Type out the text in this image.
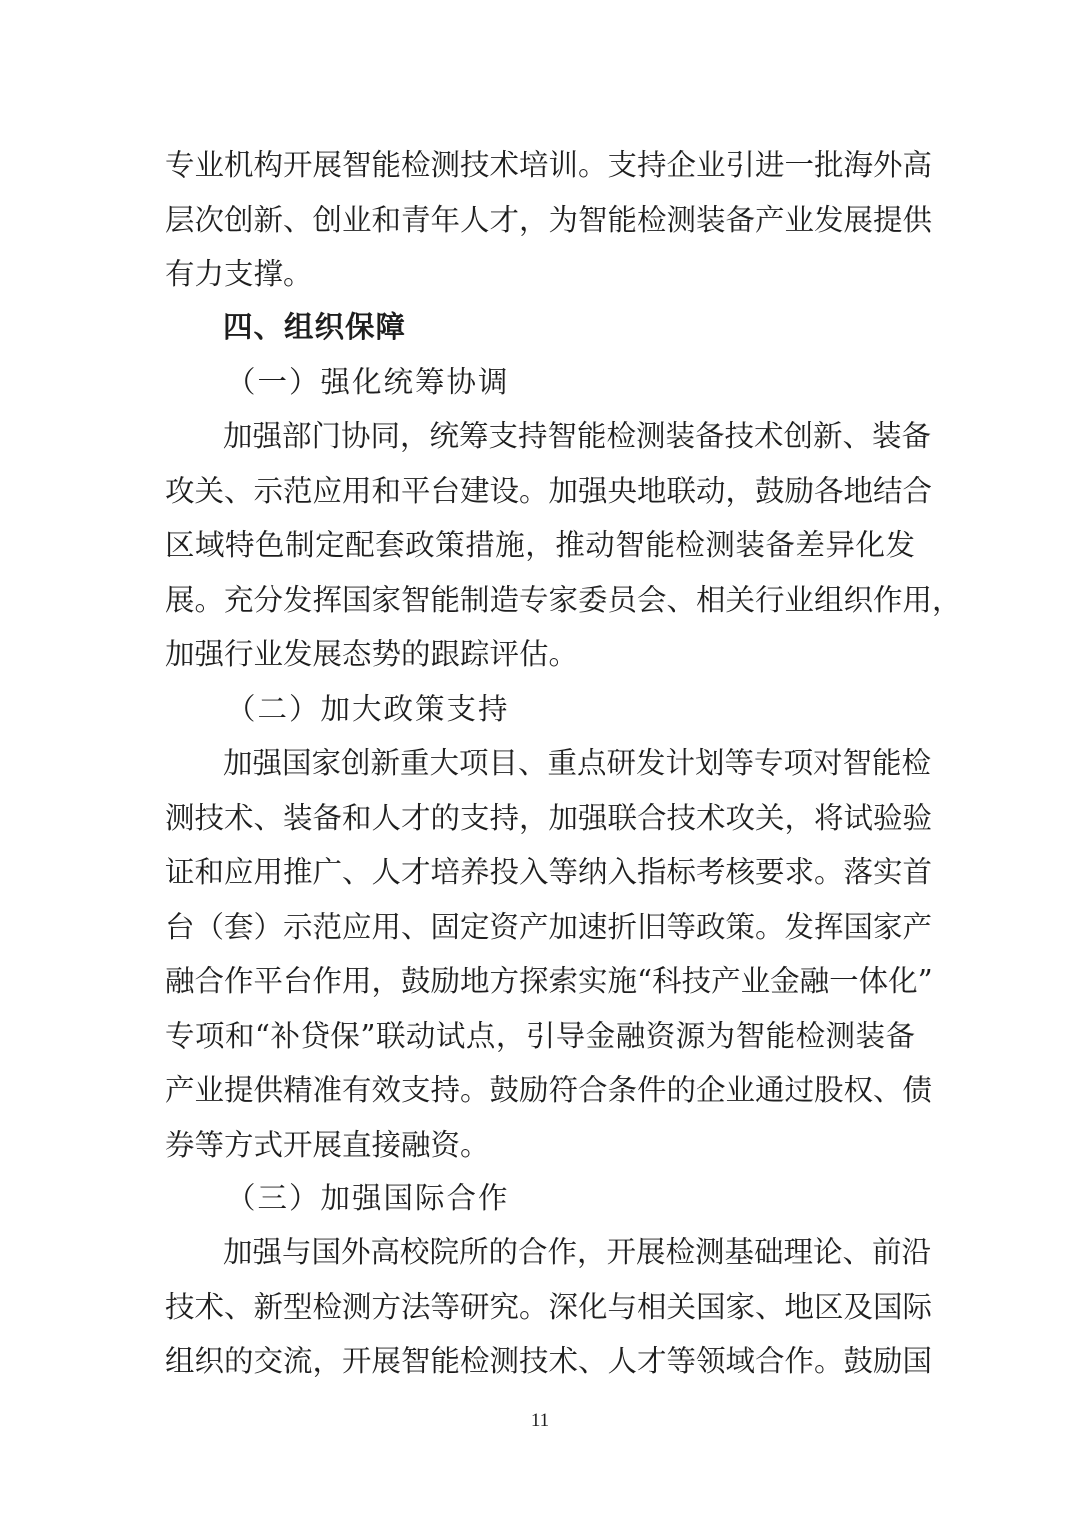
专业机构开展智能检测技术培训。支持企业引进一批海外高
层次创新、创业和青年人才，为智能检测装备产业发展提供
有力支撑。
四、组织保障
（一）强化统筹协调
加强部门协同，统筹支持智能检测装备技术创新、装备
攻关、示范应用和平台建设。加强央地联动，鼓励各地结合
区域特色制定配套政策措施，推动智能检测装备差异化发
展。充分发挥国家智能制造专家委员会、相关行业组织作用，
加强行业发展态势的跟踪评估。
（二）加大政策支持
加强国家创新重大项目、重点研发计划等专项对智能检
测技术、装备和人才的支持，加强联合技术攻关，将试验验
证和应用推广、人才培养投入等纳入指标考核要求。落实首
台（套）示范应用、固定资产加速折旧等政策。发挥国家产
融合作平台作用，鼓励地方探索实施“科技产业金融一体化”
专项和“补贷保”联动试点，引导金融资源为智能检测装备
产业提供精准有效支持。鼓励符合条件的企业通过股权、债
券等方式开展直接融资。
（三）加强国际合作
加强与国外高校院所的合作，开展检测基础理论、前沿
技术、新型检测方法等研究。深化与相关国家、地区及国际
组织的交流，开展智能检测技术、人才等领域合作。鼓励国
11
